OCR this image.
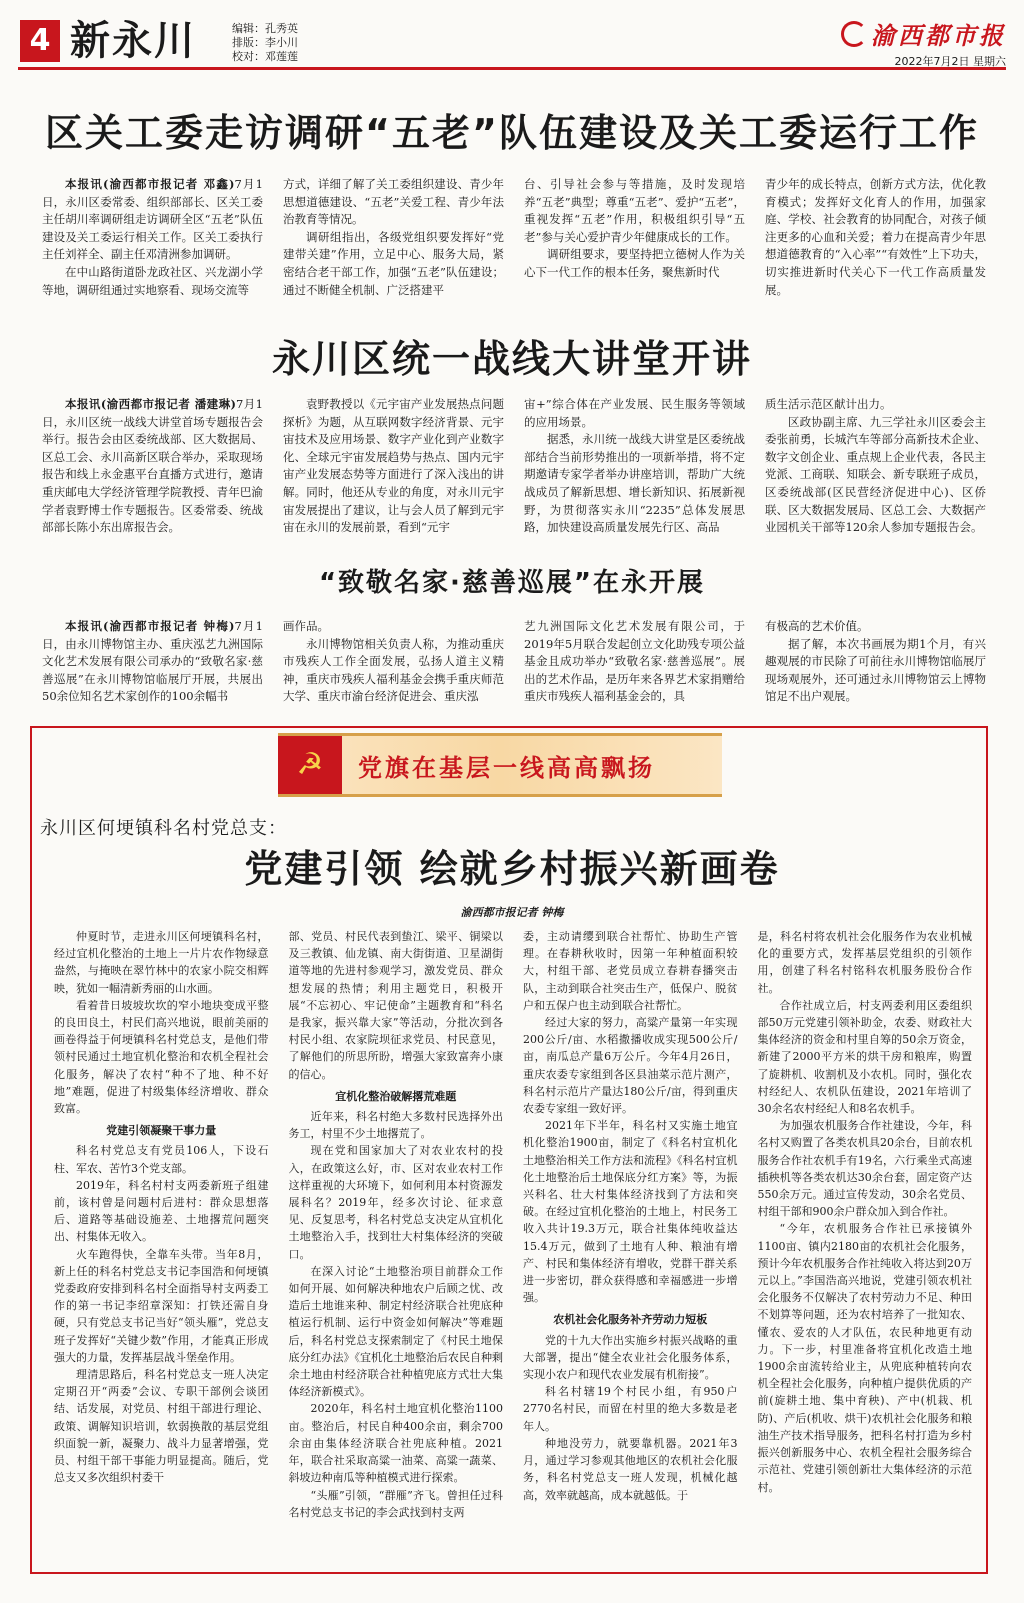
4 新永川	编辑：孔秀英
排版：李小川
校对：邓莲莲
渝西都市报
2022年7月2日 星期六
区关工委走访调研“五老”队伍建设及关工委运行工作

本报讯(渝西都市报记者 邓鑫)7月1日，永川区委常委、组织部部长、区关工委主任胡川率调研组走访调研全区“五老”队伍建设及关工委运行相关工作。区关工委执行主任刘祥全、副主任邓清洲参加调研。

在中山路街道卧龙政社区、兴龙湖小学等地，调研组通过实地察看、现场交流等

方式，详细了解了关工委组织建设、青少年思想道德建设、“五老”关爱工程、青少年法治教育等情况。

调研组指出，各级党组织要发挥好“党建带关建”作用，立足中心、服务大局，紧密结合老干部工作，加强“五老”队伍建设；通过不断健全机制、广泛搭建平

台、引导社会参与等措施，及时发现培养“五老”典型；尊重“五老”、爱护“五老”，重视发挥“五老”作用，积极组织引导“五老”参与关心爱护青少年健康成长的工作。

调研组要求，要坚持把立德树人作为关心下一代工作的根本任务，聚焦新时代

青少年的成长特点，创新方式方法，优化教育模式；发挥好文化育人的作用，加强家庭、学校、社会教育的协同配合，对孩子倾注更多的心血和关爱；着力在提高青少年思想道德教育的“入心率”“有效性”上下功夫，切实推进新时代关心下一代工作高质量发展。

永川区统一战线大讲堂开讲

本报讯(渝西都市报记者 潘建琳)7月1日，永川区统一战线大讲堂首场专题报告会举行。报告会由区委统战部、区大数据局、区总工会、永川高新区联合举办，采取现场报告和线上永金惠平台直播方式进行，邀请重庆邮电大学经济管理学院教授、青年巴渝学者袁野博士作专题报告。区委常委、统战部部长陈小东出席报告会。

袁野教授以《元宇宙产业发展热点问题探析》为题，从互联网数字经济背景、元宇宙技术及应用场景、数字产业化到产业数字化、全球元宇宙发展趋势与热点、国内元宇宙产业发展态势等方面进行了深入浅出的讲解。同时，他还从专业的角度，对永川元宇宙发展提出了建议，让与会人员了解到元宇宙在永川的发展前景，看到“元宇

宙+”综合体在产业发展、民生服务等领域的应用场景。

据悉，永川统一战线大讲堂是区委统战部结合当前形势推出的一项新举措，将不定期邀请专家学者举办讲座培训，帮助广大统战成员了解新思想、增长新知识、拓展新视野，为贯彻落实永川“2235”总体发展思路，加快建设高质量发展先行区、高品

质生活示范区献计出力。

区政协副主席、九三学社永川区委会主委张前勇，长城汽车等部分高新技术企业、数字文创企业、重点规上企业代表，各民主党派、工商联、知联会、新专联班子成员，区委统战部(区民营经济促进中心)、区侨联、区大数据发展局、区总工会、大数据产业园机关干部等120余人参加专题报告会。

“致敬名家·慈善巡展”在永开展

本报讯(渝西都市报记者 钟梅)7月1日，由永川博物馆主办、重庆泓艺九洲国际文化艺术发展有限公司承办的“致敬名家·慈善巡展”在永川博物馆临展厅开展，共展出50余位知名艺术家创作的100余幅书

画作品。

永川博物馆相关负责人称，为推动重庆市残疾人工作全面发展，弘扬人道主义精神，重庆市残疾人福利基金会携手重庆师范大学、重庆市渝台经济促进会、重庆泓

艺九洲国际文化艺术发展有限公司，于2019年5月联合发起创立文化助残专项公益基金且成功举办“致敬名家·慈善巡展”。展出的艺术作品，是历年来各界艺术家捐赠给重庆市残疾人福利基金会的，具

有极高的艺术价值。

据了解，本次书画展为期1个月，有兴趣观展的市民除了可前往永川博物馆临展厅现场观展外，还可通过永川博物馆云上博物馆足不出户观展。

☭	党旗在基层一线高高飘扬
永川区何埂镇科名村党总支：
党建引领 绘就乡村振兴新画卷
渝西都市报记者 钟梅

仲夏时节，走进永川区何埂镇科名村，经过宜机化整治的土地上一片片农作物绿意盎然，与掩映在翠竹林中的农家小院交相辉映，犹如一幅清新秀丽的山水画。

看着昔日坡坡坎坎的窄小地块变成平整的良田良土，村民们高兴地说，眼前美丽的画卷得益于何埂镇科名村党总支，是他们带领村民通过土地宜机化整治和农机全程社会化服务，解决了农村“种不了地、种不好地”难题，促进了村级集体经济增收、群众致富。

党建引领凝聚干事力量

科名村党总支有党员106人，下设石柱、军农、苦竹3个党支部。

2019年，科名村村支两委新班子组建前，该村曾是问题村后进村：群众思想落后、道路等基础设施差、土地撂荒问题突出、村集体无收入。

火车跑得快，全靠车头带。当年8月，新上任的科名村党总支书记李国浩和何埂镇党委政府安排到科名村全面指导村支两委工作的第一书记李绍章深知：打铁还需自身硬，只有党总支书记当好“领头雁”，党总支班子发挥好“关键少数”作用，才能真正形成强大的力量，发挥基层战斗堡垒作用。

理清思路后，科名村党总支一班人决定定期召开“两委”会议、专职干部例会谈团结、话发展，对党员、村组干部进行理论、政策、调解知识培训，软弱换散的基层党组织面貌一新，凝聚力、战斗力显著增强，党员、村组干部干事能力明显提高。随后，党总支又多次组织村委干

部、党员、村民代表到蛰江、梁平、铜梁以及三教镇、仙龙镇、南大街街道、卫星湖街道等地的先进村参观学习，激发党员、群众想发展的热情；利用主题党日，积极开展“不忘初心、牢记使命”主题教育和“科名是我家，振兴靠大家”等活动，分批次到各村民小组、农家院坝征求党员、村民意见，了解他们的所思所盼，增强大家致富奔小康的信心。

宜机化整治破解撂荒难题

近年来，科名村绝大多数村民选择外出务工，村里不少土地撂荒了。

现在党和国家加大了对农业农村的投入，在政策这么好，市、区对农业农村工作这样重视的大环境下，如何利用本村资源发展科名？2019年，经多次讨论、征求意见、反复思考，科名村党总支决定从宜机化土地整治入手，找到壮大村集体经济的突破口。

在深入讨论“土地整治项目前群众工作如何开展、如何解决种地农户后顾之忧、改造后土地谁来种、制定村经济联合社兜底种植运行机制、运行中资金如何解决”等难题后，科名村党总支探索制定了《村民土地保底分红办法》《宜机化土地整治后农民自种剩余土地由村经济联合社种植兜底方式壮大集体经济新模式》。

2020年，科名村土地宜机化整治1100亩。整治后，村民自种400余亩，剩余700余亩由集体经济联合社兜底种植。2021年，联合社采取高粱一油菜、高粱一蔬菜、斜坡边种南瓜等种植模式进行探索。

“头雁”引领，“群雁”齐飞。曾担任过科名村党总支书记的李会武找到村支两

委，主动请缨到联合社帮忙、协助生产管理。在春耕秋收时，因第一年种植面积较大，村组干部、老党员成立春耕春播突击队，主动到联合社突击生产，低保户、脱贫户和五保户也主动到联合社帮忙。

经过大家的努力，高粱产量第一年实现200公斤/亩、水稻撒播收成实现500公斤/亩，南瓜总产量6万公斤。今年4月26日，重庆农委专家组到各区县油菜示范片测产，科名村示范片产量达180公斤/亩，得到重庆农委专家组一致好评。

2021年下半年，科名村又实施土地宜机化整治1900亩，制定了《科名村宜机化土地整治相关工作方法和流程》《科名村宜机化土地整治后土地保底分红方案》等，为振兴科名、壮大村集体经济找到了方法和突破。在经过宜机化整治的土地上，村民务工收入共计19.3万元，联合社集体纯收益达15.4万元，做到了土地有人种、粮油有增产、村民和集体经济有增收，党群干群关系进一步密切，群众获得感和幸福感进一步增强。

农机社会化服务补齐劳动力短板

党的十九大作出实施乡村振兴战略的重大部署，提出“健全农业社会化服务体系，实现小农户和现代农业发展有机衔接”。

科名村辖19个村民小组，有950户2770名村民，而留在村里的绝大多数是老年人。

种地没劳力，就要靠机器。2021年3月，通过学习参观其他地区的农机社会化服务，科名村党总支一班人发现，机械化越高，效率就越高，成本就越低。于

是，科名村将农机社会化服务作为农业机械化的重要方式，发挥基层党组织的引领作用，创建了科名村铭科农机服务股份合作社。

合作社成立后，村支两委利用区委组织部50万元党建引领补助金，农委、财政社大集体经济的资金和村里自筹的50余万资金，新建了2000平方米的烘干房和粮库，购置了旋耕机、收割机及小农机。同时，强化农村经纪人、农机队伍建设，2021年培训了30余名农村经纪人和8名农机手。

为加强农机服务合作社建设，今年，科名村又购置了各类农机具20余台，目前农机服务合作社农机手有19名，六行乘坐式高速插秧机等各类农机达30余台套，固定资产达550余万元。通过宣传发动，30余名党员、村组干部和900余户群众加入到合作社。

“今年，农机服务合作社已承接镇外1100亩、镇内2180亩的农机社会化服务，预计今年农机服务合作社纯收入将达到20万元以上。”李国浩高兴地说，党建引领农机社会化服务不仅解决了农村劳动力不足、种田不划算等问题，还为农村培养了一批知农、懂农、爱农的人才队伍，农民种地更有动力。下一步，村里准备将宜机化改造土地1900余亩流转给业主，从兜底种植转向农机全程社会化服务，向种植户提供优质的产前(旋耕土地、集中育秧)、产中(机栽、机防)、产后(机收、烘干)农机社会化服务和粮油生产技术指导服务，把科名村打造为乡村振兴创新服务中心、农机全程社会服务综合示范社、党建引领创新壮大集体经济的示范村。
